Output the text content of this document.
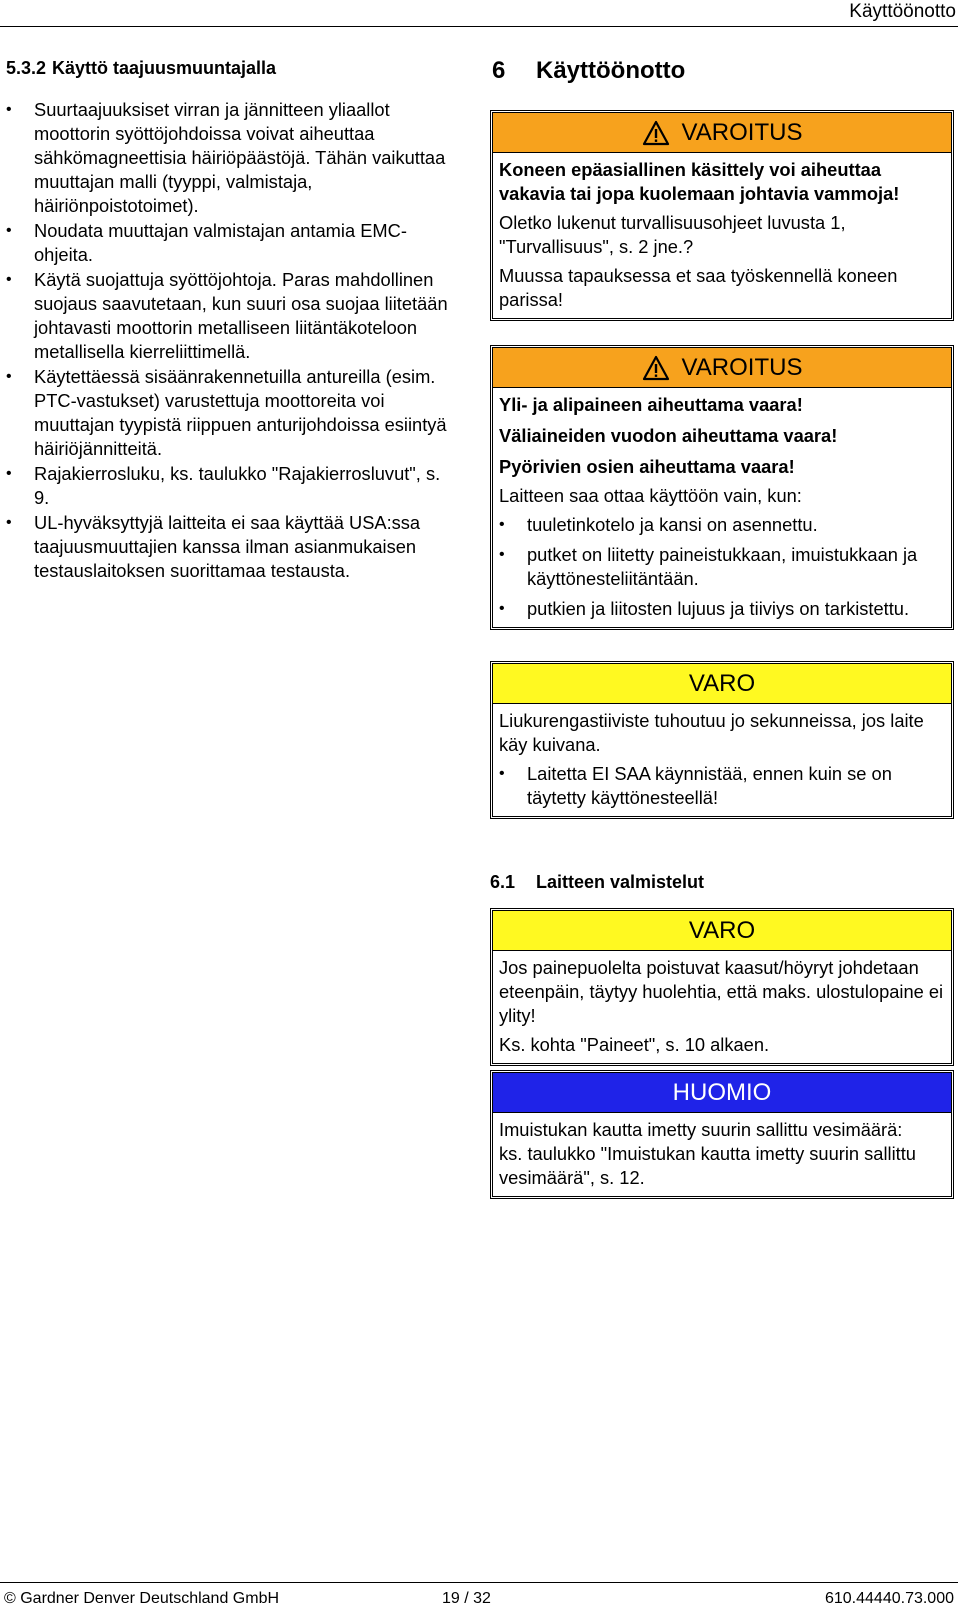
Käyttöönotto
5.3.2 Käyttö taajuusmuuntajalla
• Suurtaajuuksiset virran ja jännitteen yliaallot moottorin syöttöjohdoissa voivat aiheuttaa sähkömagneettisia häiriöpäästöjä. Tähän vaikuttaa muuttajan malli (tyyppi, valmistaja, häiriönpoistotoimet).
• Noudata muuttajan valmistajan antamia EMC-ohjeita.
• Käytä suojattuja syöttöjohtoja. Paras mahdollinen suojaus saavutetaan, kun suuri osa suojaa liitetään johtavasti moottorin metalliseen liitäntäkoteloon metallisella kierreliittimellä.
• Käytettäessä sisäänrakennetuilla antureilla (esim. PTC-vastukset) varustettuja moottoreita voi muuttajan tyypistä riippuen anturijohdoissa esiintyä häiriöjännitteitä.
• Rajakierrosluku, ks. taulukko "Rajakierrosluvut", s. 9.
• UL-hyväksyttyjä laitteita ei saa käyttää USA:ssa taajuusmuuttajien kanssa ilman asianmukaisen testauslaitoksen suorittamaa testausta.
6 Käyttöönotto
VAROITUS

Koneen epäasiallinen käsittely voi aiheuttaa vakavia tai jopa kuolemaan johtavia vammoja!

Oletko lukenut turvallisuusohjeet luvusta 1, "Turvallisuus", s. 2 jne.?

Muussa tapauksessa et saa työskennellä koneen parissa!

VAROITUS

Yli- ja alipaineen aiheuttama vaara!

Väliaineiden vuodon aiheuttama vaara!

Pyörivien osien aiheuttama vaara!

Laitteen saa ottaa käyttöön vain, kun:

• tuuletinkotelo ja kansi on asennettu.
• putket on liitetty paineistukkaan, imuistukkaan ja käyttönesteliitäntään.
• putkien ja liitosten lujuus ja tiiviys on tarkistettu.
VARO

Liukurengastiiviste tuhoutuu jo sekunneissa, jos laite käy kuivana.

• Laitetta EI SAA käynnistää, ennen kuin se on täytetty käyttönesteellä!
6.1 Laitteen valmistelut
VARO

Jos painepuolelta poistuvat kaasut/höyryt johdetaan eteenpäin, täytyy huolehtia, että maks. ulostulopaine ei ylity!

Ks. kohta "Paineet", s. 10 alkaen.

HUOMIO

Imuistukan kautta imetty suurin sallittu vesimäärä:

ks. taulukko "Imuistukan kautta imetty suurin sallittu vesimäärä", s. 12.

© Gardner Denver Deutschland GmbH	19 / 32	610.44440.73.000
